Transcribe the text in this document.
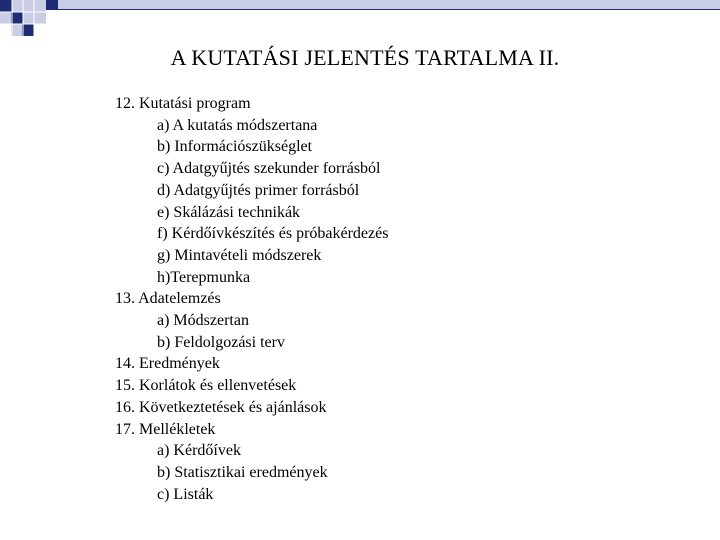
A KUTATÁSI JELENTÉS TARTALMA II.
12. Kutatási program
a) A kutatás módszertana
b) Információszükséglet
c) Adatgyűjtés szekunder forrásból
d) Adatgyűjtés primer forrásból
e) Skálázási technikák
f) Kérdőívkészítés és próbakérdezés
g) Mintavételi módszerek
h)Terepmunka
13. Adatelemzés
a) Módszertan
b) Feldolgozási terv
14. Eredmények
15. Korlátok és ellenvetések
16. Következtetések és ajánlások
17. Mellékletek
a) Kérdőívek
b) Statisztikai eredmények
c) Listák
